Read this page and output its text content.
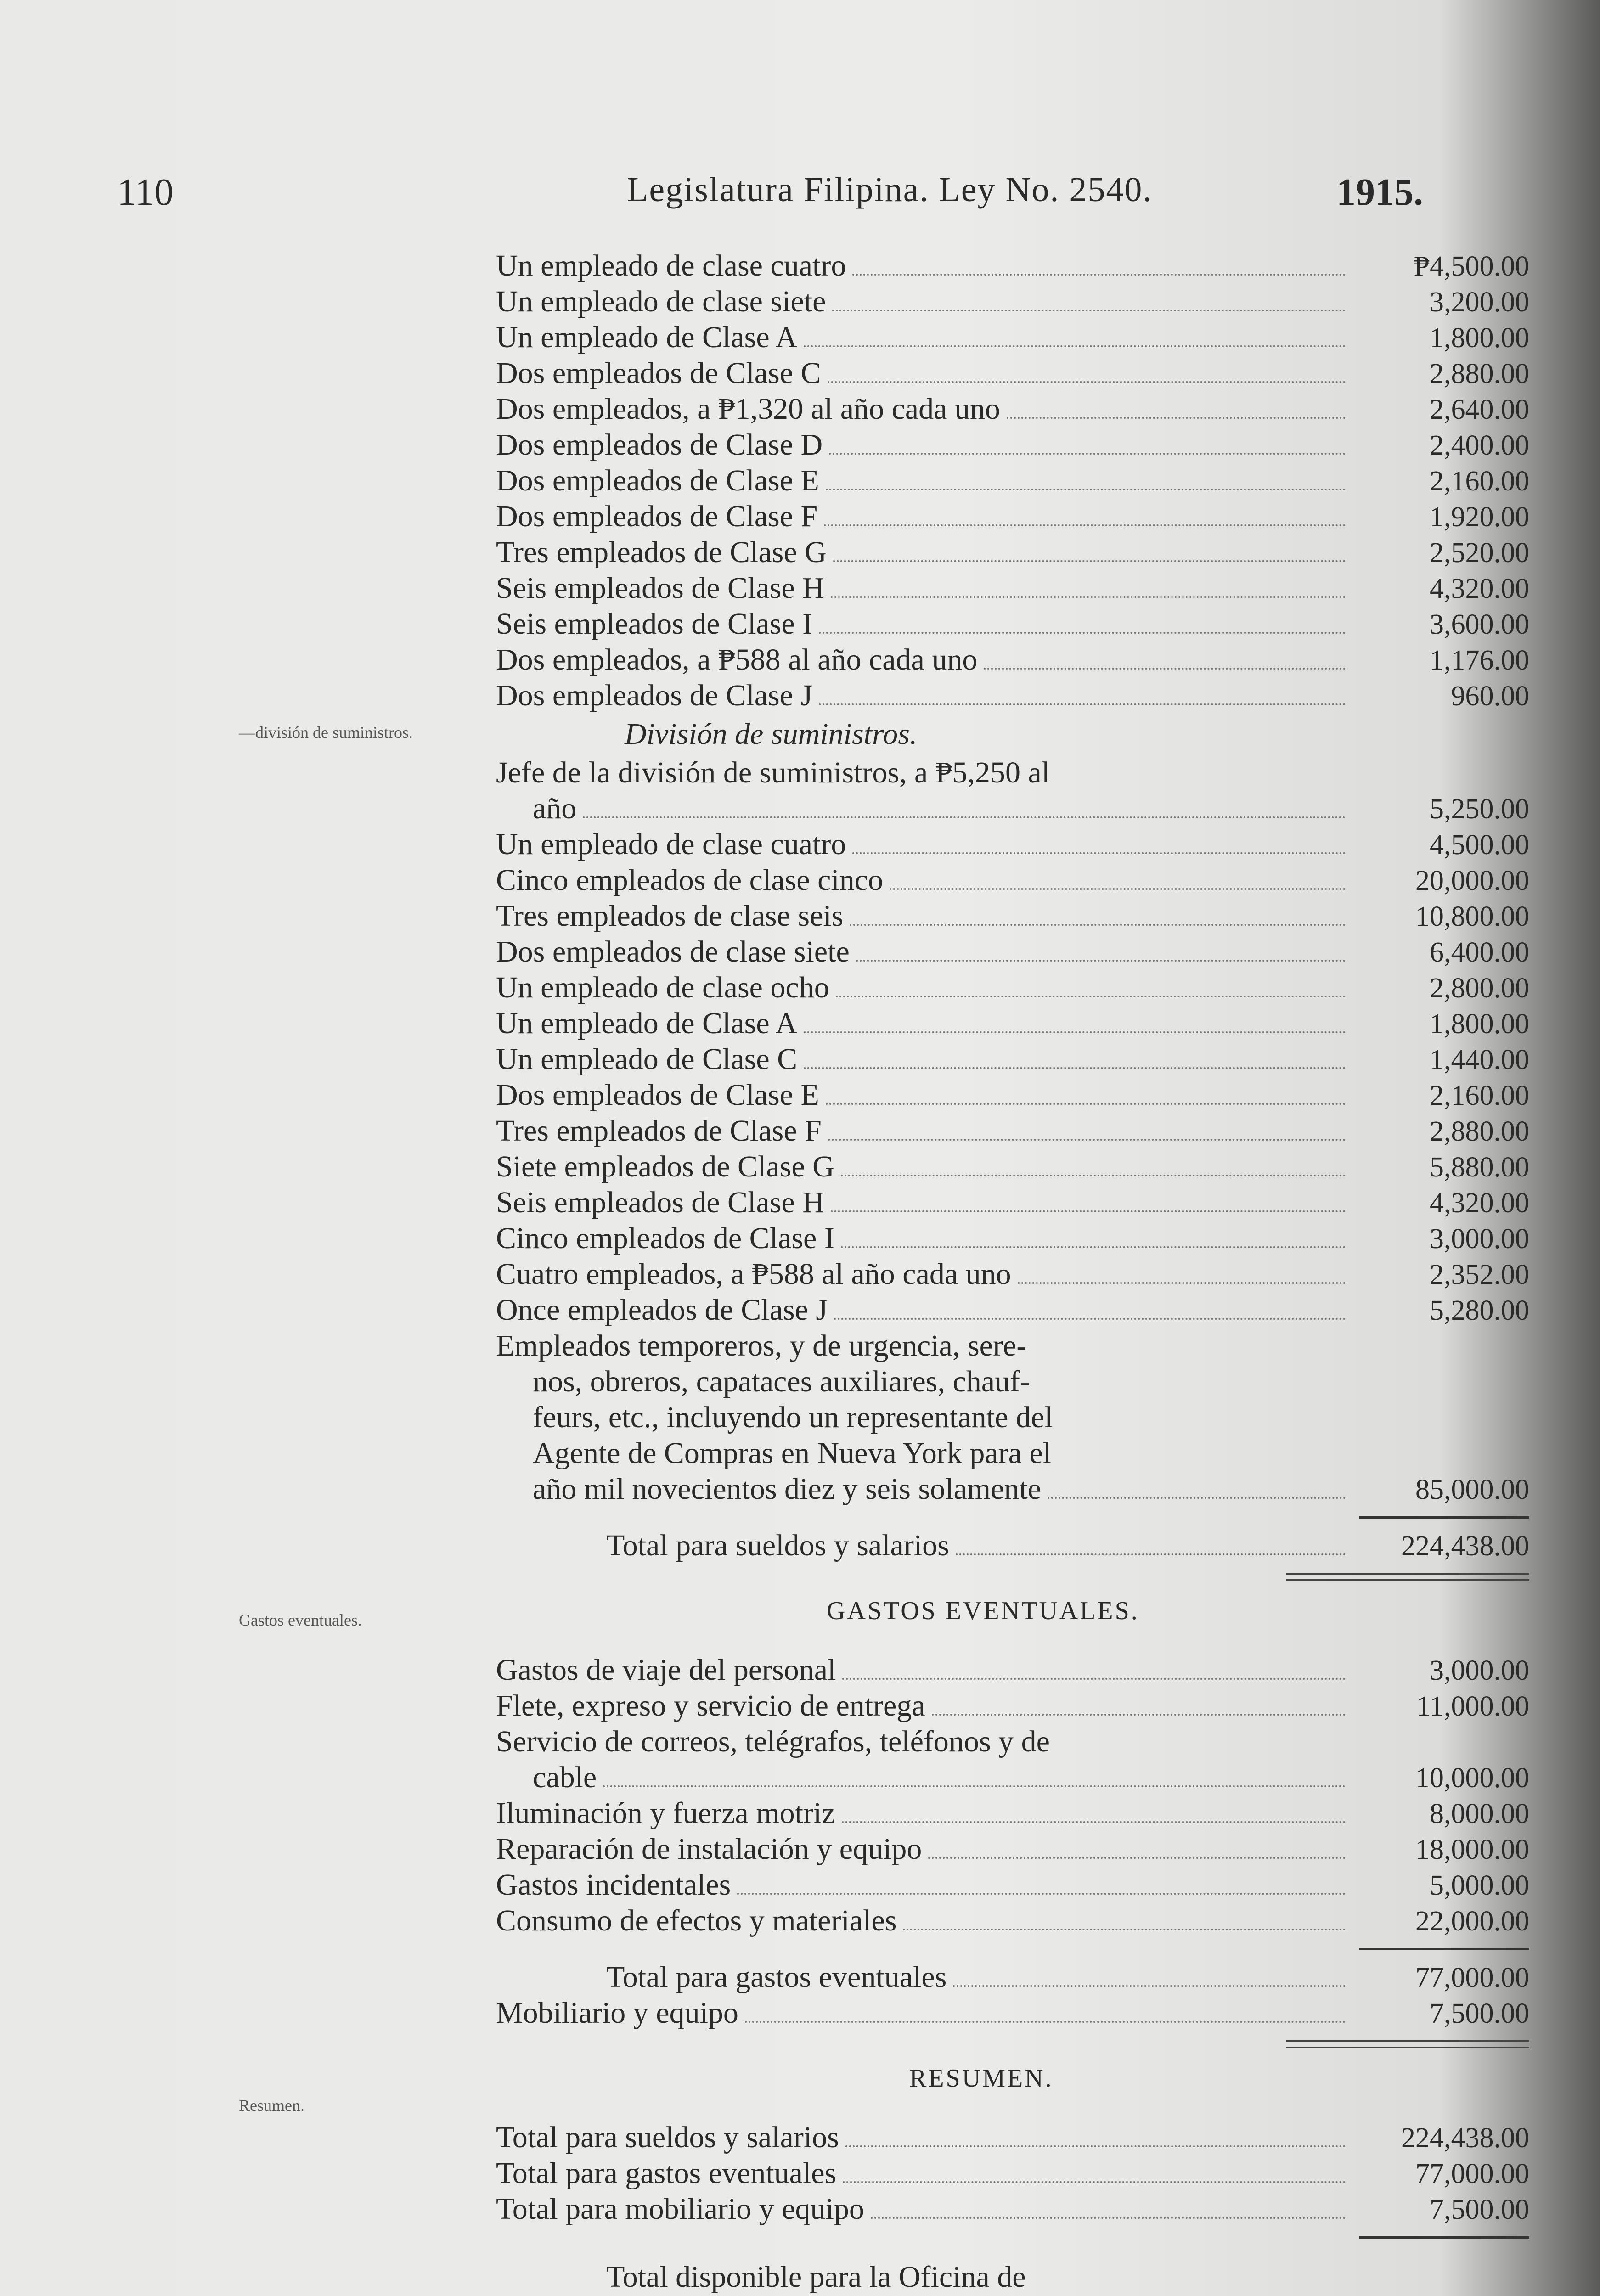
110	Legislatura Filipina. Ley No. 2540.	1915.
—división de suministros.
Gastos eventuales.
Resumen.
Un empleado de clase cuatro	₱4,500.00
Un empleado de clase siete	3,200.00
Un empleado de Clase A	1,800.00
Dos empleados de Clase C	2,880.00
Dos empleados, a ₱1,320 al año cada uno	2,640.00
Dos empleados de Clase D	2,400.00
Dos empleados de Clase E	2,160.00
Dos empleados de Clase F	1,920.00
Tres empleados de Clase G	2,520.00
Seis empleados de Clase H	4,320.00
Seis empleados de Clase I	3,600.00
Dos empleados, a ₱588 al año cada uno	1,176.00
Dos empleados de Clase J	960.00
División de suministros.
Jefe de la división de suministros, a ₱5,250 al
año	5,250.00
Un empleado de clase cuatro	4,500.00
Cinco empleados de clase cinco	20,000.00
Tres empleados de clase seis	10,800.00
Dos empleados de clase siete	6,400.00
Un empleado de clase ocho	2,800.00
Un empleado de Clase A	1,800.00
Un empleado de Clase C	1,440.00
Dos empleados de Clase E	2,160.00
Tres empleados de Clase F	2,880.00
Siete empleados de Clase G	5,880.00
Seis empleados de Clase H	4,320.00
Cinco empleados de Clase I	3,000.00
Cuatro empleados, a ₱588 al año cada uno	2,352.00
Once empleados de Clase J	5,280.00
Empleados temporeros, y de urgencia, sere-
nos, obreros, capataces auxiliares, chauf-
feurs, etc., incluyendo un representante del
Agente de Compras en Nueva York para el
año mil novecientos diez y seis solamente	85,000.00
Total para sueldos y salarios	224,438.00
GASTOS EVENTUALES.
Gastos de viaje del personal	3,000.00
Flete, expreso y servicio de entrega	11,000.00
Servicio de correos, telégrafos, teléfonos y de
cable	10,000.00
Iluminación y fuerza motriz	8,000.00
Reparación de instalación y equipo	18,000.00
Gastos incidentales	5,000.00
Consumo de efectos y materiales	22,000.00
Total para gastos eventuales	77,000.00
Mobiliario y equipo	7,500.00
RESUMEN.
Total para sueldos y salarios	224,438.00
Total para gastos eventuales	77,000.00
Total para mobiliario y equipo	7,500.00
Total disponible para la Oficina de
